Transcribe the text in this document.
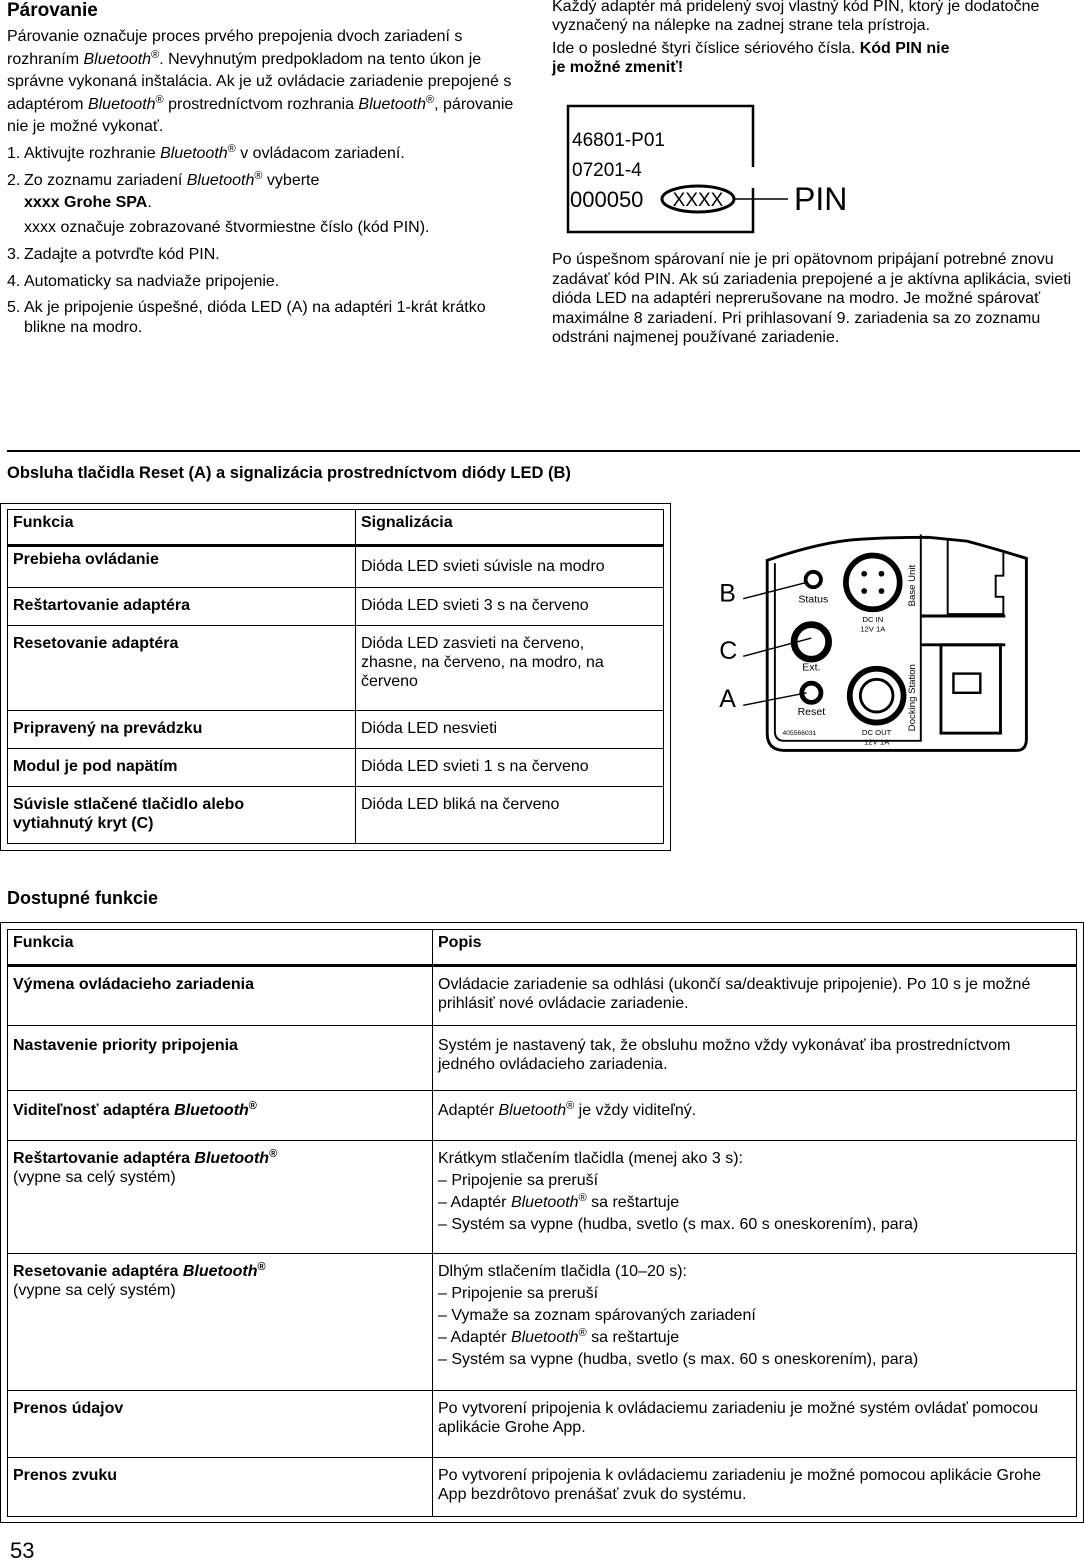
Párovanie

Párovanie označuje proces prvého prepojenia dvoch zariadení s rozhraním Bluetooth®. Nevyhnutým predpokladom na tento úkon je správne vykonaná inštalácia. Ak je už ovládacie zariadenie prepojené s adaptérom Bluetooth® prostredníctvom rozhrania Bluetooth®, párovanie nie je možné vykonať.

1. Aktivujte rozhranie Bluetooth® v ovládacom zariadení.
2. Zo zoznamu zariadení Bluetooth® vyberte
xxxx Grohe SPA.

xxxx označuje zobrazované štvormiestne číslo (kód PIN).
3. Zadajte a potvrďte kód PIN.
4. Automaticky sa nadviaže pripojenie.
5. Ak je pripojenie úspešné, dióda LED (A) na adaptéri 1-krát krátko blikne na modro.

Každý adaptér má pridelený svoj vlastný kód PIN, ktorý je dodatočne vyznačený na nálepke na zadnej strane tela prístroja.

Ide o posledné štyri číslice sériového čísla. Kód PIN nie
je možné zmeniť!

46801-P01
07201-4
000050 XXXX PIN
Po úspešnom spárovaní nie je pri opätovnom pripájaní potrebné znovu zadávať kód PIN. Ak sú zariadenia prepojené a je aktívna aplikácia, svieti dióda LED na adaptéri neprerušovane na modro. Je možné spárovať maximálne 8 zariadení. Pri prihlasovaní 9. zariadenia sa zo zoznamu odstráni najmenej používané zariadenie.
Obsluha tlačidla Reset (A) a signalizácia prostredníctvom diódy LED (B)
Funkcia	Signalizácia
Prebieha ovládanie	Dióda LED svieti súvisle na modro
Reštartovanie adaptéra	Dióda LED svieti 3 s na červeno
Resetovanie adaptéra	Dióda LED zasvieti na červeno, zhasne, na červeno, na modro, na červeno
Pripravený na prevádzku	Dióda LED nesvieti
Modul je pod napätím	Dióda LED svieti 1 s na červeno
Súvisle stlačené tlačidlo alebo vytiahnutý kryt (C)	Dióda LED bliká na červeno
B
C
A
Status
Ext.
Reset
DC IN
12V 1A
DC OUT
12V 1A
405566031
Base Unit
Docking Station
Dostupné funkcie
Funkcia	Popis
Výmena ovládacieho zariadenia	Ovládacie zariadenie sa odhlási (ukončí sa/deaktivuje pripojenie). Po 10 s je možné prihlásiť nové ovládacie zariadenie.

Nastavenie priority pripojenia	Systém je nastavený tak, že obsluhu možno vždy vykonávať iba prostredníctvom jedného ovládacieho zariadenia.

Viditeľnosť adaptéra Bluetooth®	Adaptér Bluetooth® je vždy viditeľný.

Reštartovanie adaptéra Bluetooth®
(vypne sa celý systém)	Krátkym stlačením tlačidla (menej ako 3 s):
– Pripojenie sa preruší
– Adaptér Bluetooth® sa reštartuje
– Systém sa vypne (hudba, svetlo (s max. 60 s oneskorením), para)

Resetovanie adaptéra Bluetooth®
(vypne sa celý systém)	Dlhým stlačením tlačidla (10–20 s):
– Pripojenie sa preruší
– Vymaže sa zoznam spárovaných zariadení
– Adaptér Bluetooth® sa reštartuje
– Systém sa vypne (hudba, svetlo (s max. 60 s oneskorením), para)

Prenos údajov	Po vytvorení pripojenia k ovládaciemu zariadeniu je možné systém ovládať pomocou aplikácie Grohe App.

Prenos zvuku	Po vytvorení pripojenia k ovládaciemu zariadeniu je možné pomocou aplikácie Grohe App bezdrôtovo prenášať zvuk do systému.
53
